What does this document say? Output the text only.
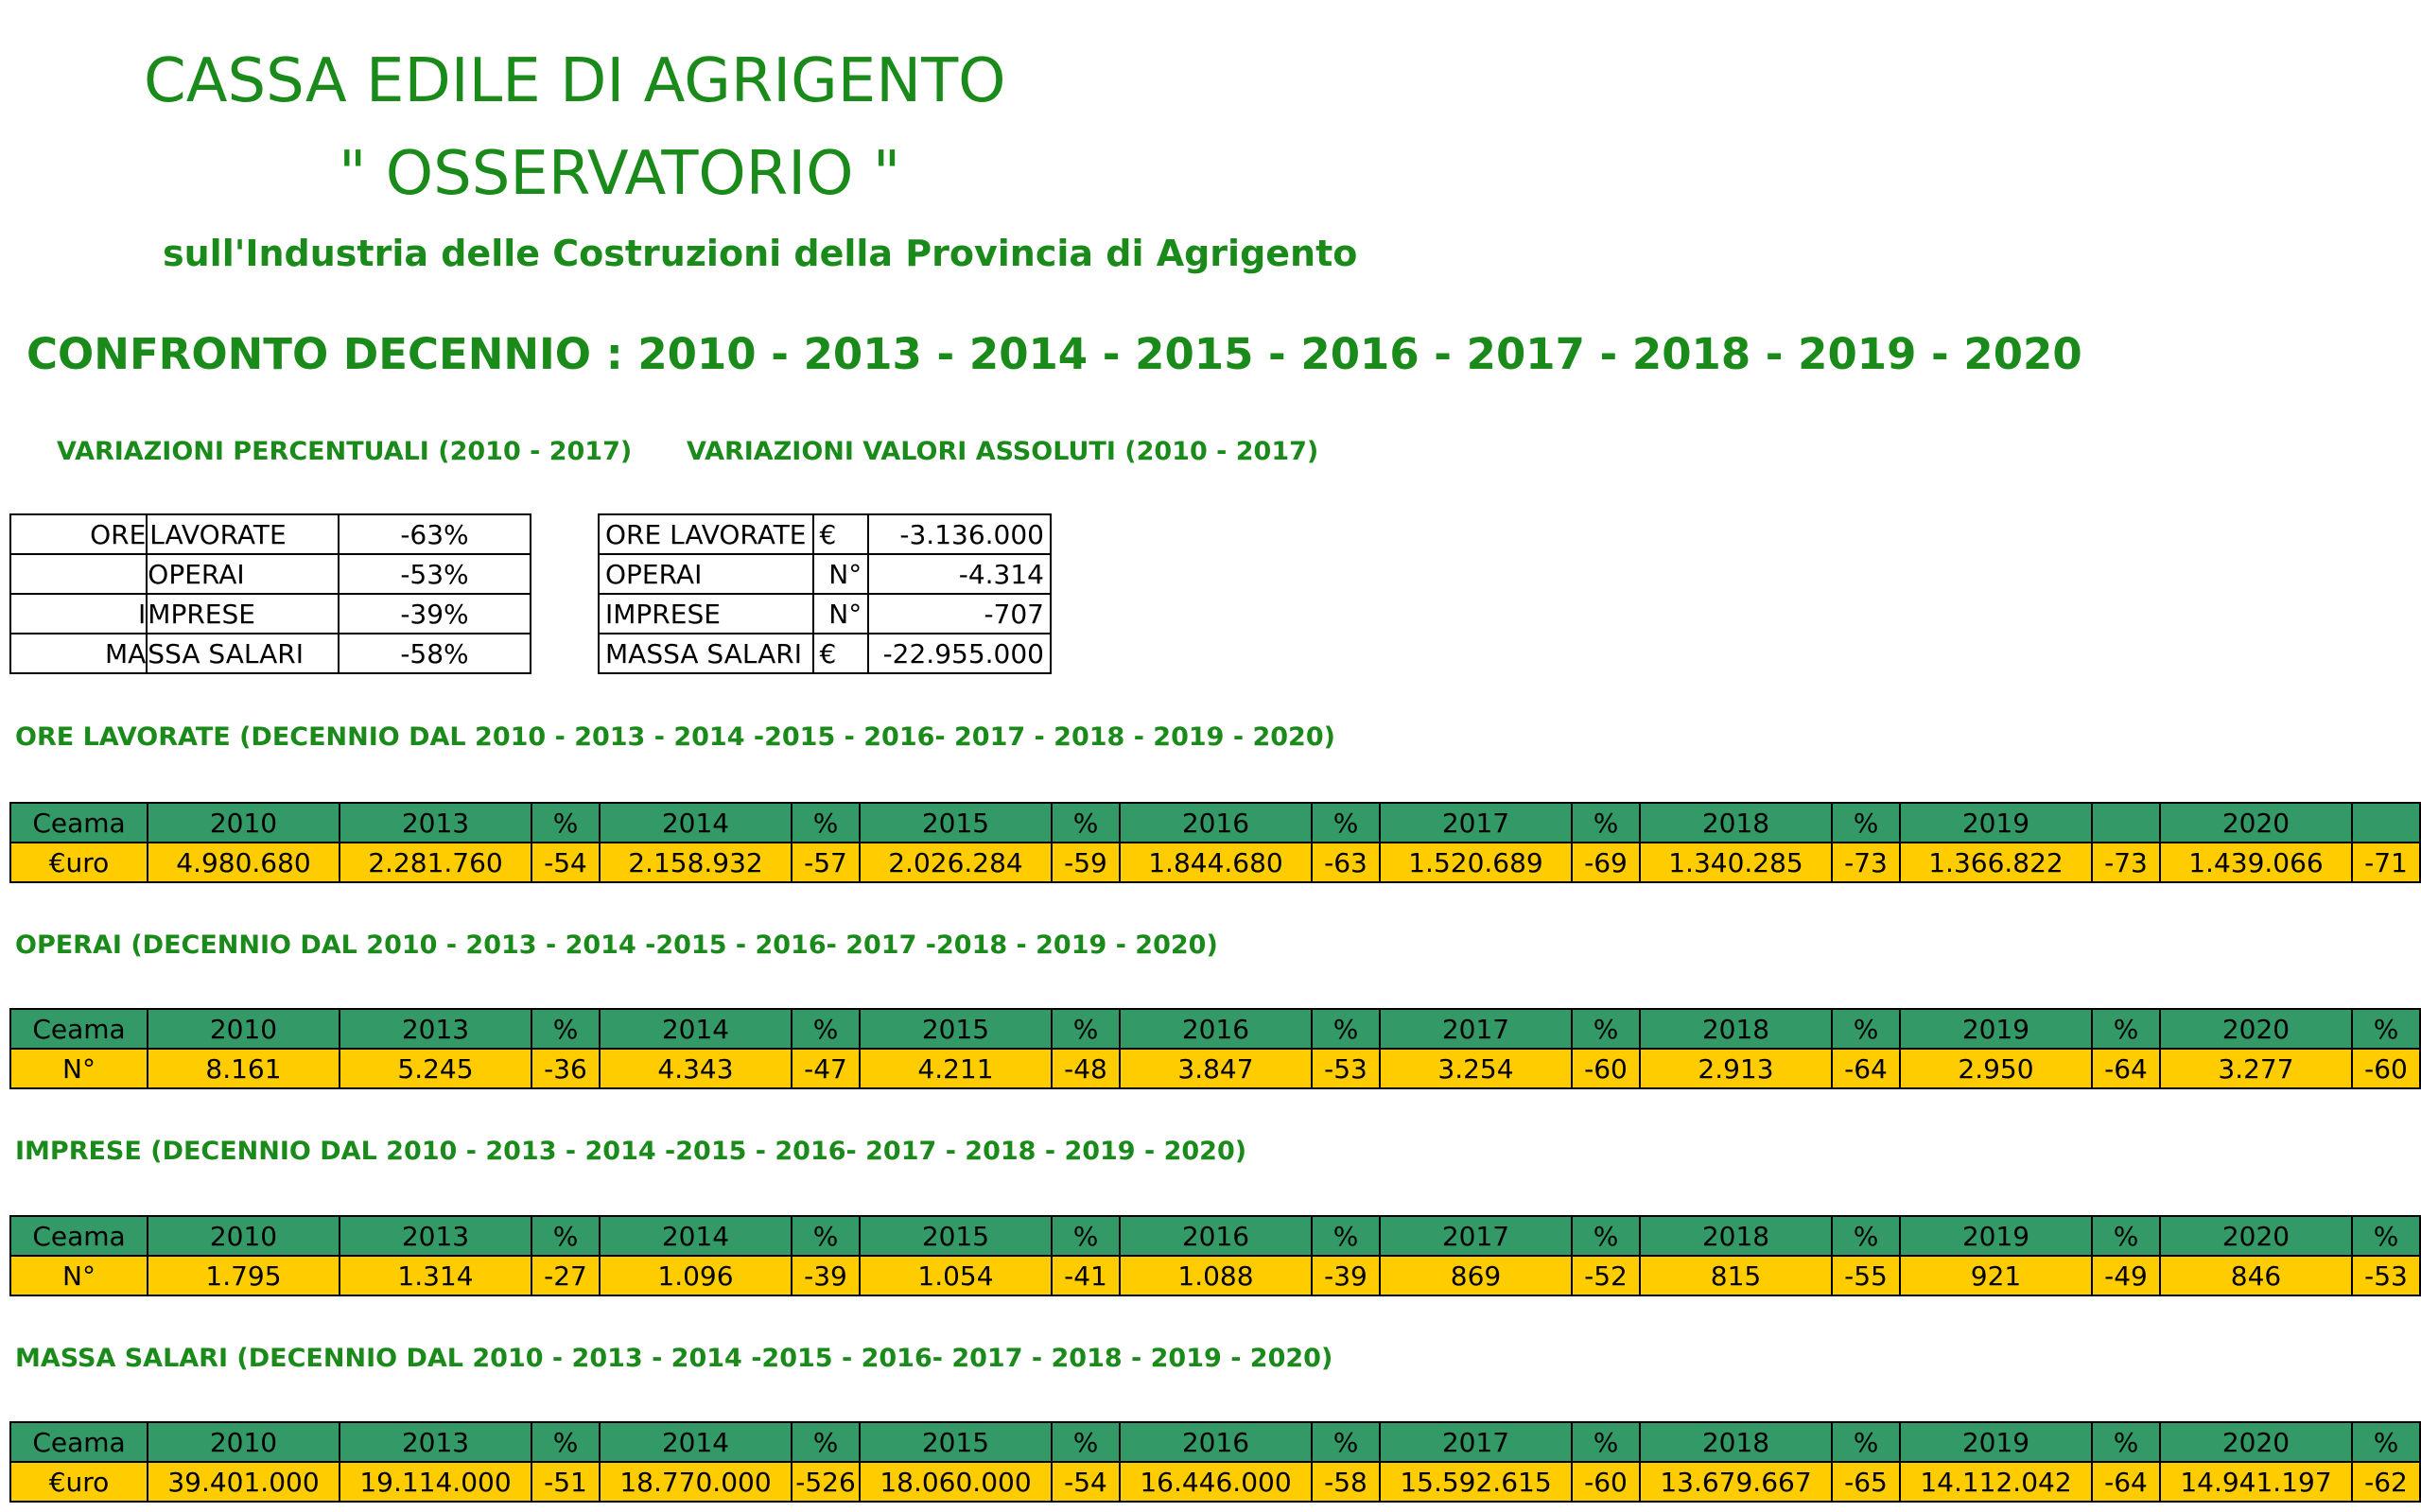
CASSA EDILE DI AGRIGENTO
" OSSERVATORIO "
sull'Industria delle Costruzioni della Provincia di Agrigento
CONFRONTO DECENNIO : 2010 - 2013 - 2014 - 2015 - 2016 - 2017 - 2018 - 2019 - 2020
VARIAZIONI PERCENTUALI (2010 - 2017) VARIAZIONI VALORI ASSOLUTI (2010 - 2017)
ORE	LAVORATE	-63%
	OPERAI	-53%
I	MPRESE	-39%
MA	SSA SALARI	-58%
ORE LAVORATE	€	-3.136.000
OPERAI	N°	-4.314
IMPRESE	N°	-707
MASSA SALARI	€	-22.955.000
ORE LAVORATE (DECENNIO DAL 2010 - 2013 - 2014 -2015 - 2016- 2017 - 2018 - 2019 - 2020)
Ceama	2010	2013	%	2014	%	2015	%	2016	%	2017	%	2018	%	2019		2020	
€uro	4.980.680	2.281.760	-54	2.158.932	-57	2.026.284	-59	1.844.680	-63	1.520.689	-69	1.340.285	-73	1.366.822	-73	1.439.066	-71
OPERAI (DECENNIO DAL 2010 - 2013 - 2014 -2015 - 2016- 2017 -2018 - 2019 - 2020)
Ceama	2010	2013	%	2014	%	2015	%	2016	%	2017	%	2018	%	2019	%	2020	%
N°	8.161	5.245	-36	4.343	-47	4.211	-48	3.847	-53	3.254	-60	2.913	-64	2.950	-64	3.277	-60
IMPRESE (DECENNIO DAL 2010 - 2013 - 2014 -2015 - 2016- 2017 - 2018 - 2019 - 2020)
Ceama	2010	2013	%	2014	%	2015	%	2016	%	2017	%	2018	%	2019	%	2020	%
N°	1.795	1.314	-27	1.096	-39	1.054	-41	1.088	-39	869	-52	815	-55	921	-49	846	-53
MASSA SALARI (DECENNIO DAL 2010 - 2013 - 2014 -2015 - 2016- 2017 - 2018 - 2019 - 2020)
Ceama	2010	2013	%	2014	%	2015	%	2016	%	2017	%	2018	%	2019	%	2020	%
€uro	39.401.000	19.114.000	-51	18.770.000	-526	18.060.000	-54	16.446.000	-58	15.592.615	-60	13.679.667	-65	14.112.042	-64	14.941.197	-62
